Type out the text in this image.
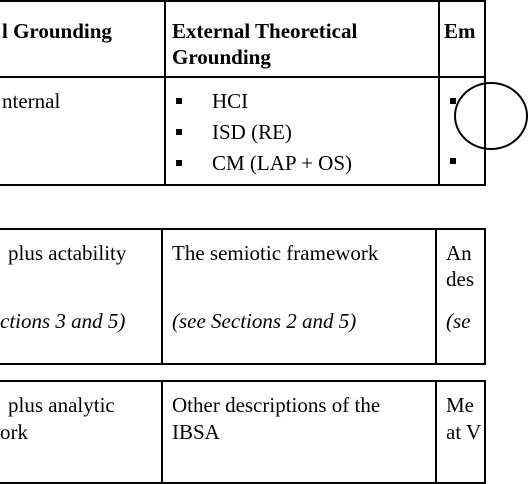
l Grounding	External Theoretical
Grounding
Em
nternal	HCI
ISD (RE)
CM (LAP + OS)
plus actability
ctions 3 and 5)
The semiotic framework
(see Sections 2 and 5)
An
des
(se
plus analytic
ork
Other descriptions of the
IBSA
Me
at V
